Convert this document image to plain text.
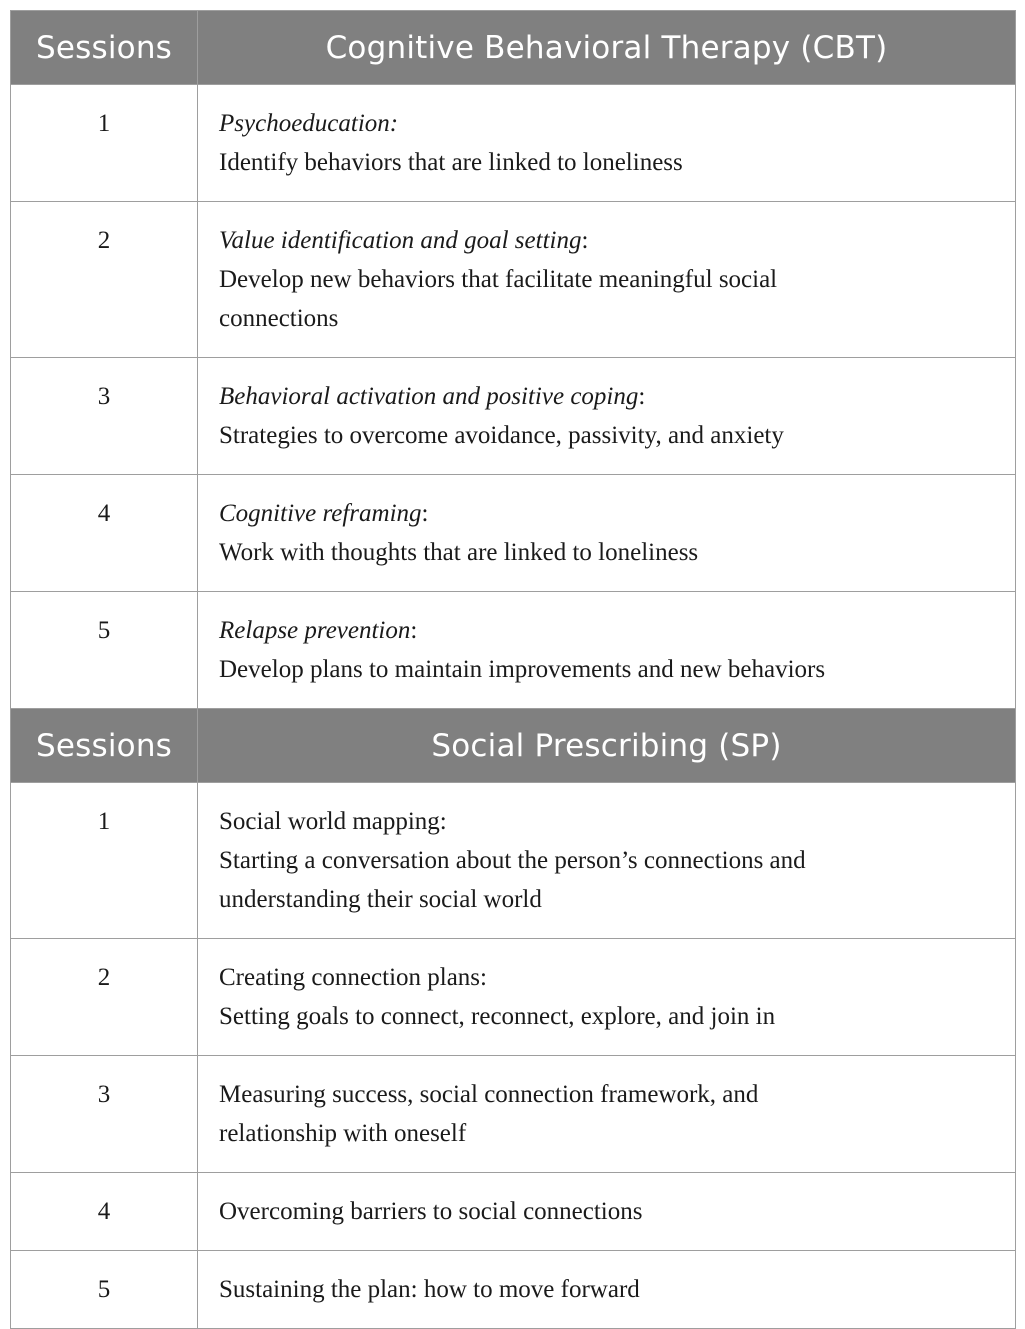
Sessions	Cognitive Behavioral Therapy (CBT)
1	Psychoeducation:
Identify behaviors that are linked to loneliness

2	Value identification and goal setting:
Develop new behaviors that facilitate meaningful social connections

3	Behavioral activation and positive coping:
Strategies to overcome avoidance, passivity, and anxiety

4	Cognitive reframing:
Work with thoughts that are linked to loneliness

5	Relapse prevention:
Develop plans to maintain improvements and new behaviors

Sessions	Social Prescribing (SP)
1	Social world mapping:
Starting a conversation about the person’s connections and understanding their social world

2	Creating connection plans:
Setting goals to connect, reconnect, explore, and join in

3	Measuring success, social connection framework, and relationship with oneself

4	Overcoming barriers to social connections

5	Sustaining the plan: how to move forward
